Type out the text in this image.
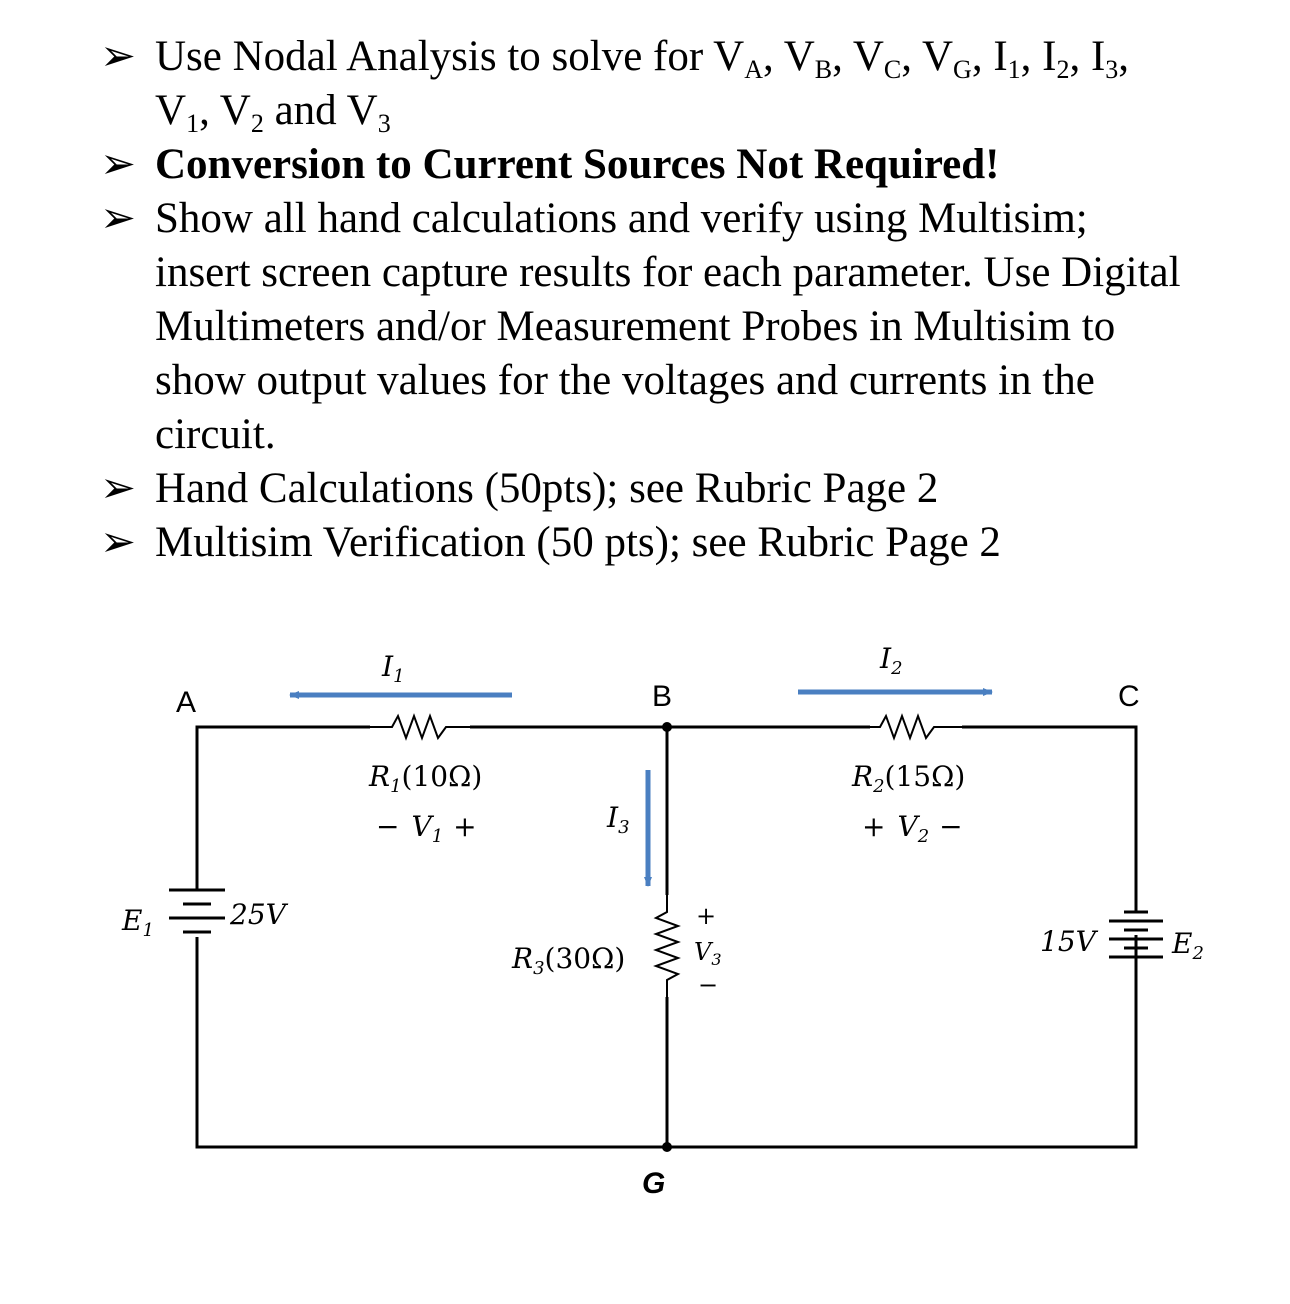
➢ Use Nodal Analysis to solve for $V_A$, $V_B$, $V_C$, $V_G$, $I_1$, $I_2$, $I_3$,
$V_1$, $V_2$ and $V_3$
➢ Conversion to Current Sources Not Required!
➢ Show all hand calculations and verify using Multisim; insert screen capture results for each parameter. Use Digital Multimeters and/or Measurement Probes in Multisim to show output values for the voltages and currents in the circuit.
➢ Hand Calculations (50pts); see Rubric Page 2
➢ Multisim Verification (50 pts); see Rubric Page 2
A	B	C
G
$I_1$
$I_2$
$I_3$
$R_1(10\Omega)$
− $V_1$ +
$R_2(15\Omega)$
+ $V_2$ −
$R_3(30\Omega)$
+
$V_3$
−
$E_1$	25V
15V	$E_2$
